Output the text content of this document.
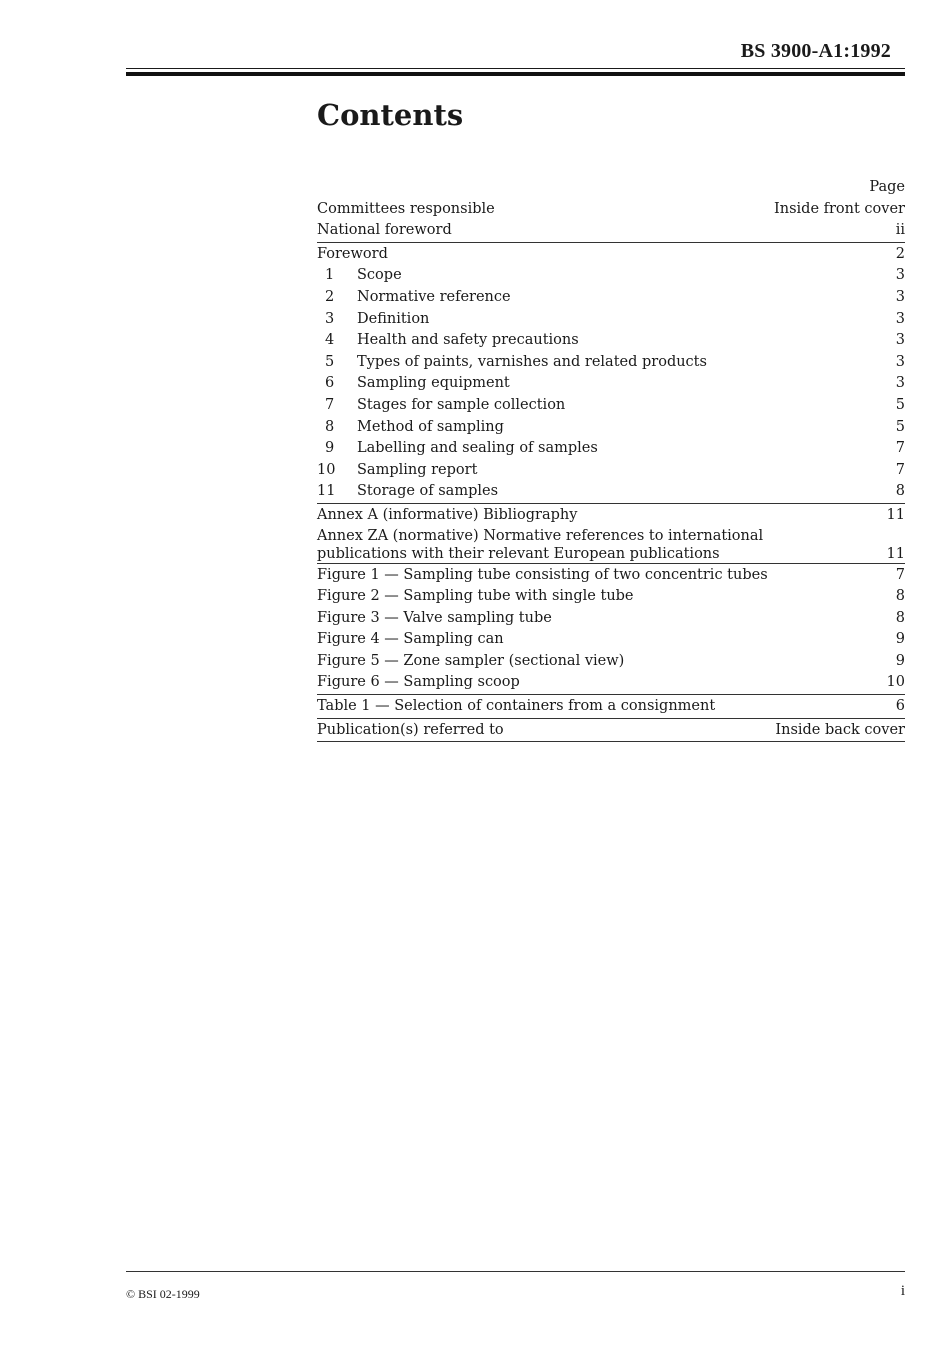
BS 3900-A1:1992
Contents
Page
Committees responsible	Inside front cover
National foreword	ii
Foreword	2
1	Scope	3
2	Normative reference	3
3	Definition	3
4	Health and safety precautions	3
5	Types of paints, varnishes and related products	3
6	Sampling equipment	3
7	Stages for sample collection	5
8	Method of sampling	5
9	Labelling and sealing of samples	7
10	Sampling report	7
11	Storage of samples	8
Annex A (informative) Bibliography	11
Annex ZA (normative) Normative references to international
publications with their relevant European publications	11
Figure 1 — Sampling tube consisting of two concentric tubes	7
Figure 2 — Sampling tube with single tube	8
Figure 3 — Valve sampling tube	8
Figure 4 — Sampling can	9
Figure 5 — Zone sampler (sectional view)	9
Figure 6 — Sampling scoop	10
Table 1 — Selection of containers from a consignment	6
Publication(s) referred to	Inside back cover
© BSI 02-1999	i
